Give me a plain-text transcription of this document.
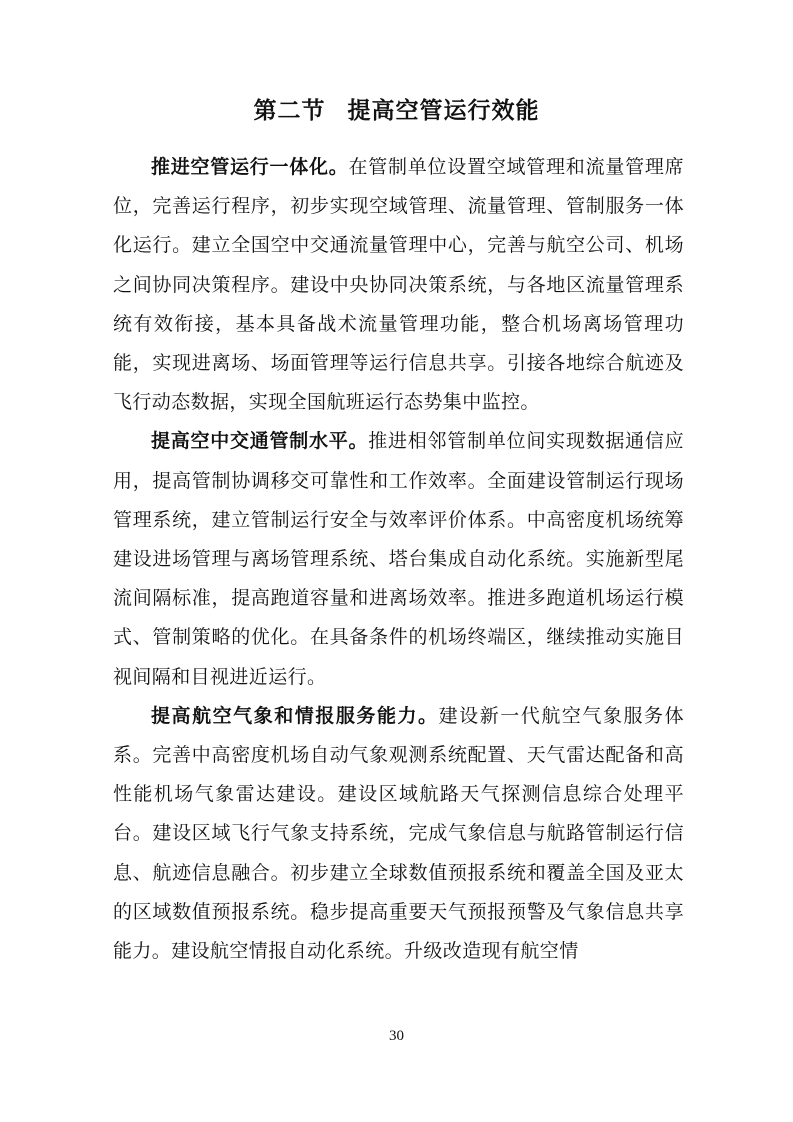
第二节 提高空管运行效能

推进空管运行一体化。在管制单位设置空域管理和流量管理席位，完善运行程序，初步实现空域管理、流量管理、管制服务一体化运行。建立全国空中交通流量管理中心，完善与航空公司、机场之间协同决策程序。建设中央协同决策系统，与各地区流量管理系统有效衔接，基本具备战术流量管理功能，整合机场离场管理功能，实现进离场、场面管理等运行信息共享。引接各地综合航迹及飞行动态数据，实现全国航班运行态势集中监控。

提高空中交通管制水平。推进相邻管制单位间实现数据通信应用，提高管制协调移交可靠性和工作效率。全面建设管制运行现场管理系统，建立管制运行安全与效率评价体系。中高密度机场统筹建设进场管理与离场管理系统、塔台集成自动化系统。实施新型尾流间隔标准，提高跑道容量和进离场效率。推进多跑道机场运行模式、管制策略的优化。在具备条件的机场终端区，继续推动实施目视间隔和目视进近运行。

提高航空气象和情报服务能力。建设新一代航空气象服务体系。完善中高密度机场自动气象观测系统配置、天气雷达配备和高性能机场气象雷达建设。建设区域航路天气探测信息综合处理平台。建设区域飞行气象支持系统，完成气象信息与航路管制运行信息、航迹信息融合。初步建立全球数值预报系统和覆盖全国及亚太的区域数值预报系统。稳步提高重要天气预报预警及气象信息共享能力。建设航空情报自动化系统。升级改造现有航空情

30
